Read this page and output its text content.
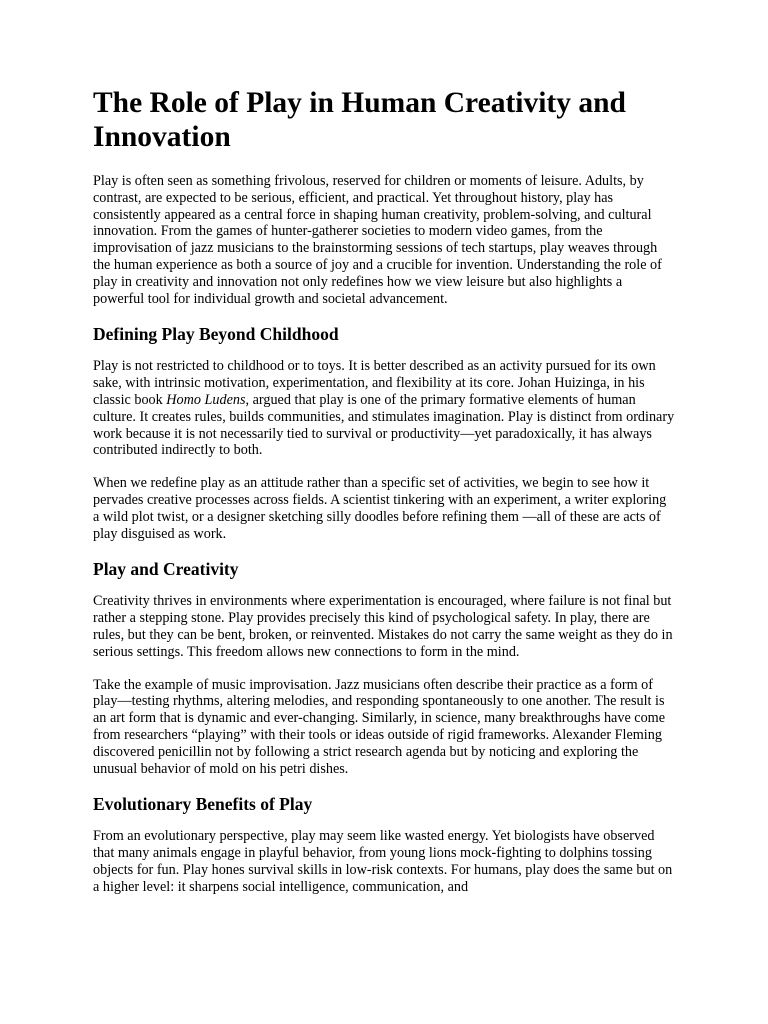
The Role of Play in Human Creativity and Innovation

Play is often seen as something frivolous, reserved for children or moments of leisure. Adults, by contrast, are expected to be serious, efficient, and practical. Yet throughout history, play has consistently appeared as a central force in shaping human creativity, problem-solving, and cultural innovation. From the games of hunter-gatherer societies to modern video games, from the improvisation of jazz musicians to the brainstorming sessions of tech startups, play weaves through the human experience as both a source of joy and a crucible for invention. Understanding the role of play in creativity and innovation not only redefines how we view leisure but also highlights a powerful tool for individual growth and societal advancement.

Defining Play Beyond Childhood

Play is not restricted to childhood or to toys. It is better described as an activity pursued for its own sake, with intrinsic motivation, experimentation, and flexibility at its core. Johan Huizinga, in his classic book Homo Ludens, argued that play is one of the primary formative elements of human culture. It creates rules, builds communities, and stimulates imagination. Play is distinct from ordinary work because it is not necessarily tied to survival or productivity—yet paradoxically, it has always contributed indirectly to both.

When we redefine play as an attitude rather than a specific set of activities, we begin to see how it pervades creative processes across fields. A scientist tinkering with an experiment, a writer exploring a wild plot twist, or a designer sketching silly doodles before refining them —all of these are acts of play disguised as work.

Play and Creativity

Creativity thrives in environments where experimentation is encouraged, where failure is not final but rather a stepping stone. Play provides precisely this kind of psychological safety. In play, there are rules, but they can be bent, broken, or reinvented. Mistakes do not carry the same weight as they do in serious settings. This freedom allows new connections to form in the mind.

Take the example of music improvisation. Jazz musicians often describe their practice as a form of play—testing rhythms, altering melodies, and responding spontaneously to one another. The result is an art form that is dynamic and ever-changing. Similarly, in science, many breakthroughs have come from researchers “playing” with their tools or ideas outside of rigid frameworks. Alexander Fleming discovered penicillin not by following a strict research agenda but by noticing and exploring the unusual behavior of mold on his petri dishes.

Evolutionary Benefits of Play

From an evolutionary perspective, play may seem like wasted energy. Yet biologists have observed that many animals engage in playful behavior, from young lions mock-fighting to dolphins tossing objects for fun. Play hones survival skills in low-risk contexts. For humans, play does the same but on a higher level: it sharpens social intelligence, communication, and
